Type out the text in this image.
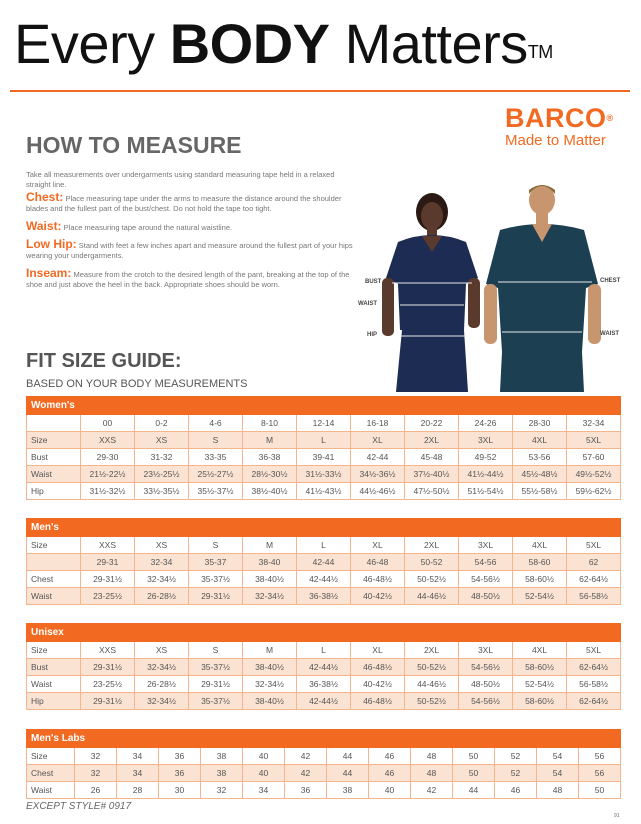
Every BODY Matters™
BARCO®
Made to Matter
HOW TO MEASURE
Take all measurements over undergarments using standard measuring tape held in a relaxed straight line.
Chest: Place measuring tape under the arms to measure the distance around the shoulder blades and the fullest part of the bust/chest. Do not hold the tape too tight.
Waist: Place measuring tape around the natural waistline.
Low Hip: Stand with feet a few inches apart and measure around the fullest part of your hips wearing your undergarments.
Inseam: Measure from the crotch to the desired length of the pant, breaking at the top of the shoe and just above the heel in the back. Appropriate shoes should be worn.	BUST
WAIST
HIP
CHEST
WAIST
FIT SIZE GUIDE:
BASED ON YOUR BODY MEASUREMENTS
Women's										
	00	0-2	4-6	8-10	12-14	16-18	20-22	24-26	28-30	32-34
Size	XXS	XS	S	M	L	XL	2XL	3XL	4XL	5XL
Bust	29-30	31-32	33-35	36-38	39-41	42-44	45-48	49-52	53-56	57-60
Waist	21½-22½	23½-25½	25½-27½	28½-30½	31½-33½	34½-36½	37½-40½	41½-44½	45½-48½	49½-52½
Hip	31½-32½	33½-35½	35½-37½	38½-40½	41½-43½	44½-46½	47½-50½	51½-54½	55½-58½	59½-62½
Men's										
Size	XXS	XS	S	M	L	XL	2XL	3XL	4XL	5XL
	29-31	32-34	35-37	38-40	42-44	46-48	50-52	54-56	58-60	62
Chest	29-31½	32-34½	35-37½	38-40½	42-44½	46-48½	50-52½	54-56½	58-60½	62-64½
Waist	23-25½	26-28½	29-31½	32-34½	36-38½	40-42½	44-46½	48-50½	52-54½	56-58½
Unisex										
Size	XXS	XS	S	M	L	XL	2XL	3XL	4XL	5XL
Bust	29-31½	32-34½	35-37½	38-40½	42-44½	46-48½	50-52½	54-56½	58-60½	62-64½
Waist	23-25½	26-28½	29-31½	32-34½	36-38½	40-42½	44-46½	48-50½	52-54½	56-58½
Hip	29-31½	32-34½	35-37½	38-40½	42-44½	46-48½	50-52½	54-56½	58-60½	62-64½
Men's Labs													
Size	32	34	36	38	40	42	44	46	48	50	52	54	56
Chest	32	34	36	38	40	42	44	46	48	50	52	54	56
Waist	26	28	30	32	34	36	38	40	42	44	46	48	50
EXCEPT STYLE# 0917
91
